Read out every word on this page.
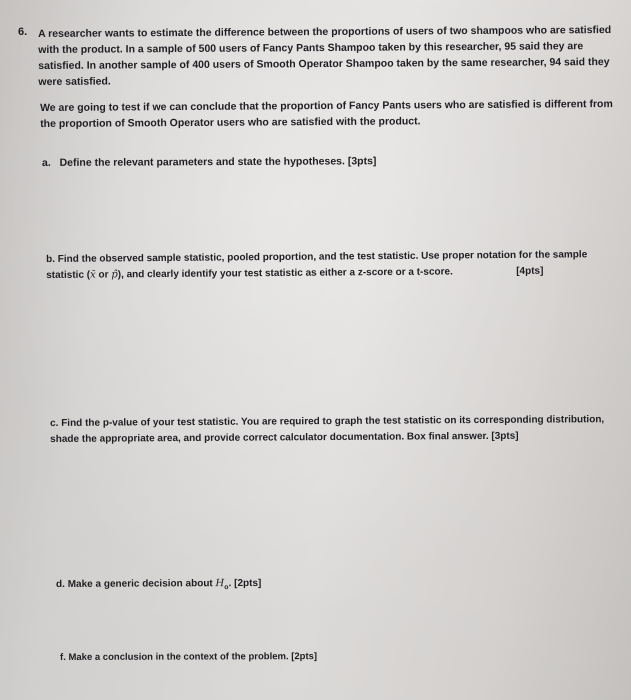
6. A researcher wants to estimate the difference between the proportions of users of two shampoos who are satisfied
with the product. In a sample of 500 users of Fancy Pants Shampoo taken by this researcher, 95 said they are
satisfied. In another sample of 400 users of Smooth Operator Shampoo taken by the same researcher, 94 said they
were satisfied.

We are going to test if we can conclude that the proportion of Fancy Pants users who are satisfied is different from
the proportion of Smooth Operator users who are satisfied with the product.

a. Define the relevant parameters and state the hypotheses. [3pts]

b. Find the observed sample statistic, pooled proportion, and the test statistic. Use proper notation for the sample
statistic (x̄ or p̂), and clearly identify your test statistic as either a z-score or a t-score.	[4pts]
c. Find the p-value of your test statistic. You are required to graph the test statistic on its corresponding distribution,
shade the appropriate area, and provide correct calculator documentation. Box final answer. [3pts]

d. Make a generic decision about $H_o$. [2pts]

f. Make a conclusion in the context of the problem. [2pts]
